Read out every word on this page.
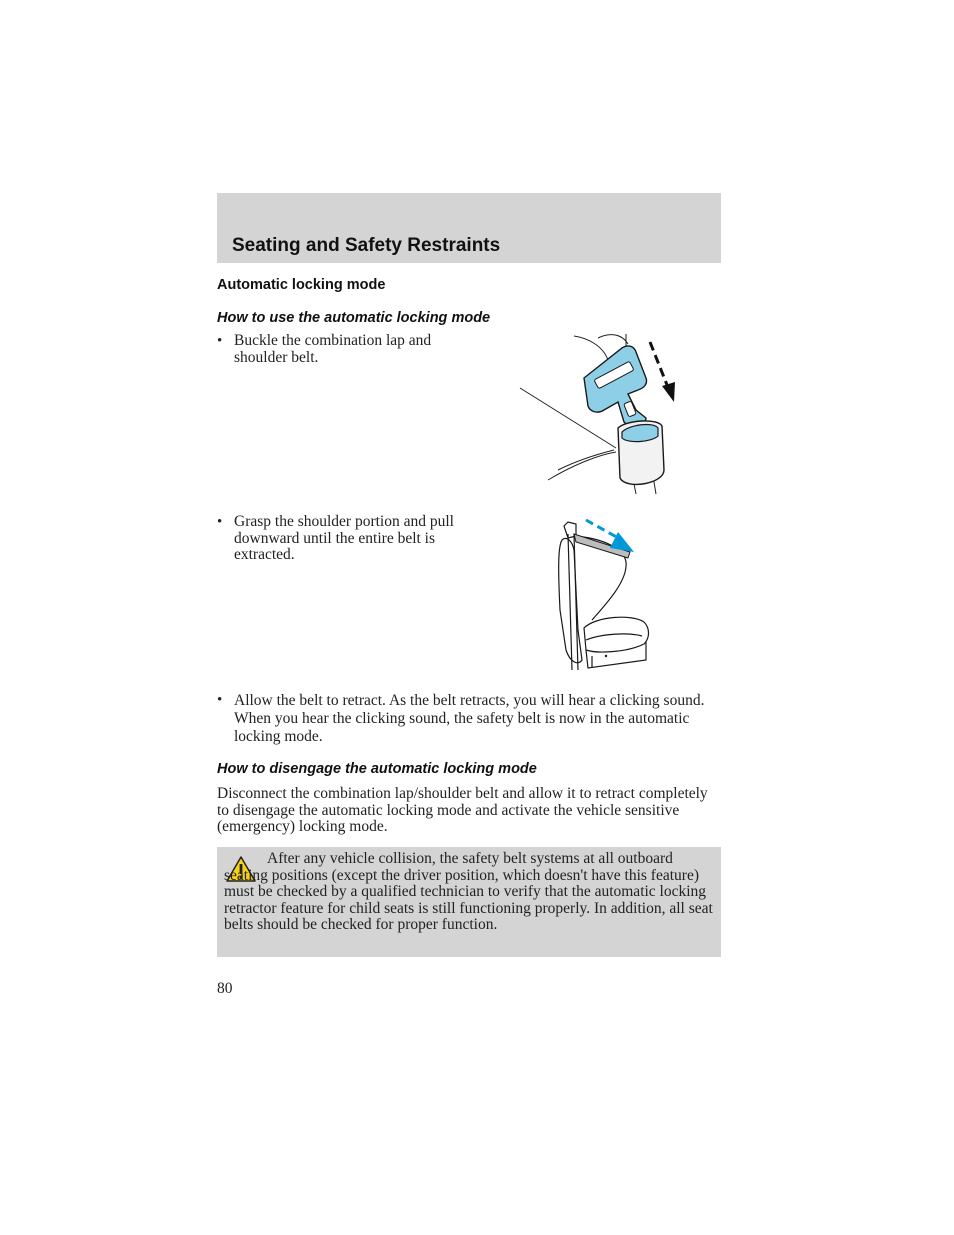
Seating and Safety Restraints
Automatic locking mode
How to use the automatic locking mode
• Buckle the combination lap and shoulder belt.
• Grasp the shoulder portion and pull downward until the entire belt is extracted.
• Allow the belt to retract. As the belt retracts, you will hear a clicking sound. When you hear the clicking sound, the safety belt is now in the automatic locking mode.
How to disengage the automatic locking mode
Disconnect the combination lap/shoulder belt and allow it to retract completely to disengage the automatic locking mode and activate the vehicle sensitive (emergency) locking mode.
After any vehicle collision, the safety belt systems at all outboard seating positions (except the driver position, which doesn't have this feature) must be checked by a qualified technician to verify that the automatic locking retractor feature for child seats is still functioning properly. In addition, all seat belts should be checked for proper function.
80
